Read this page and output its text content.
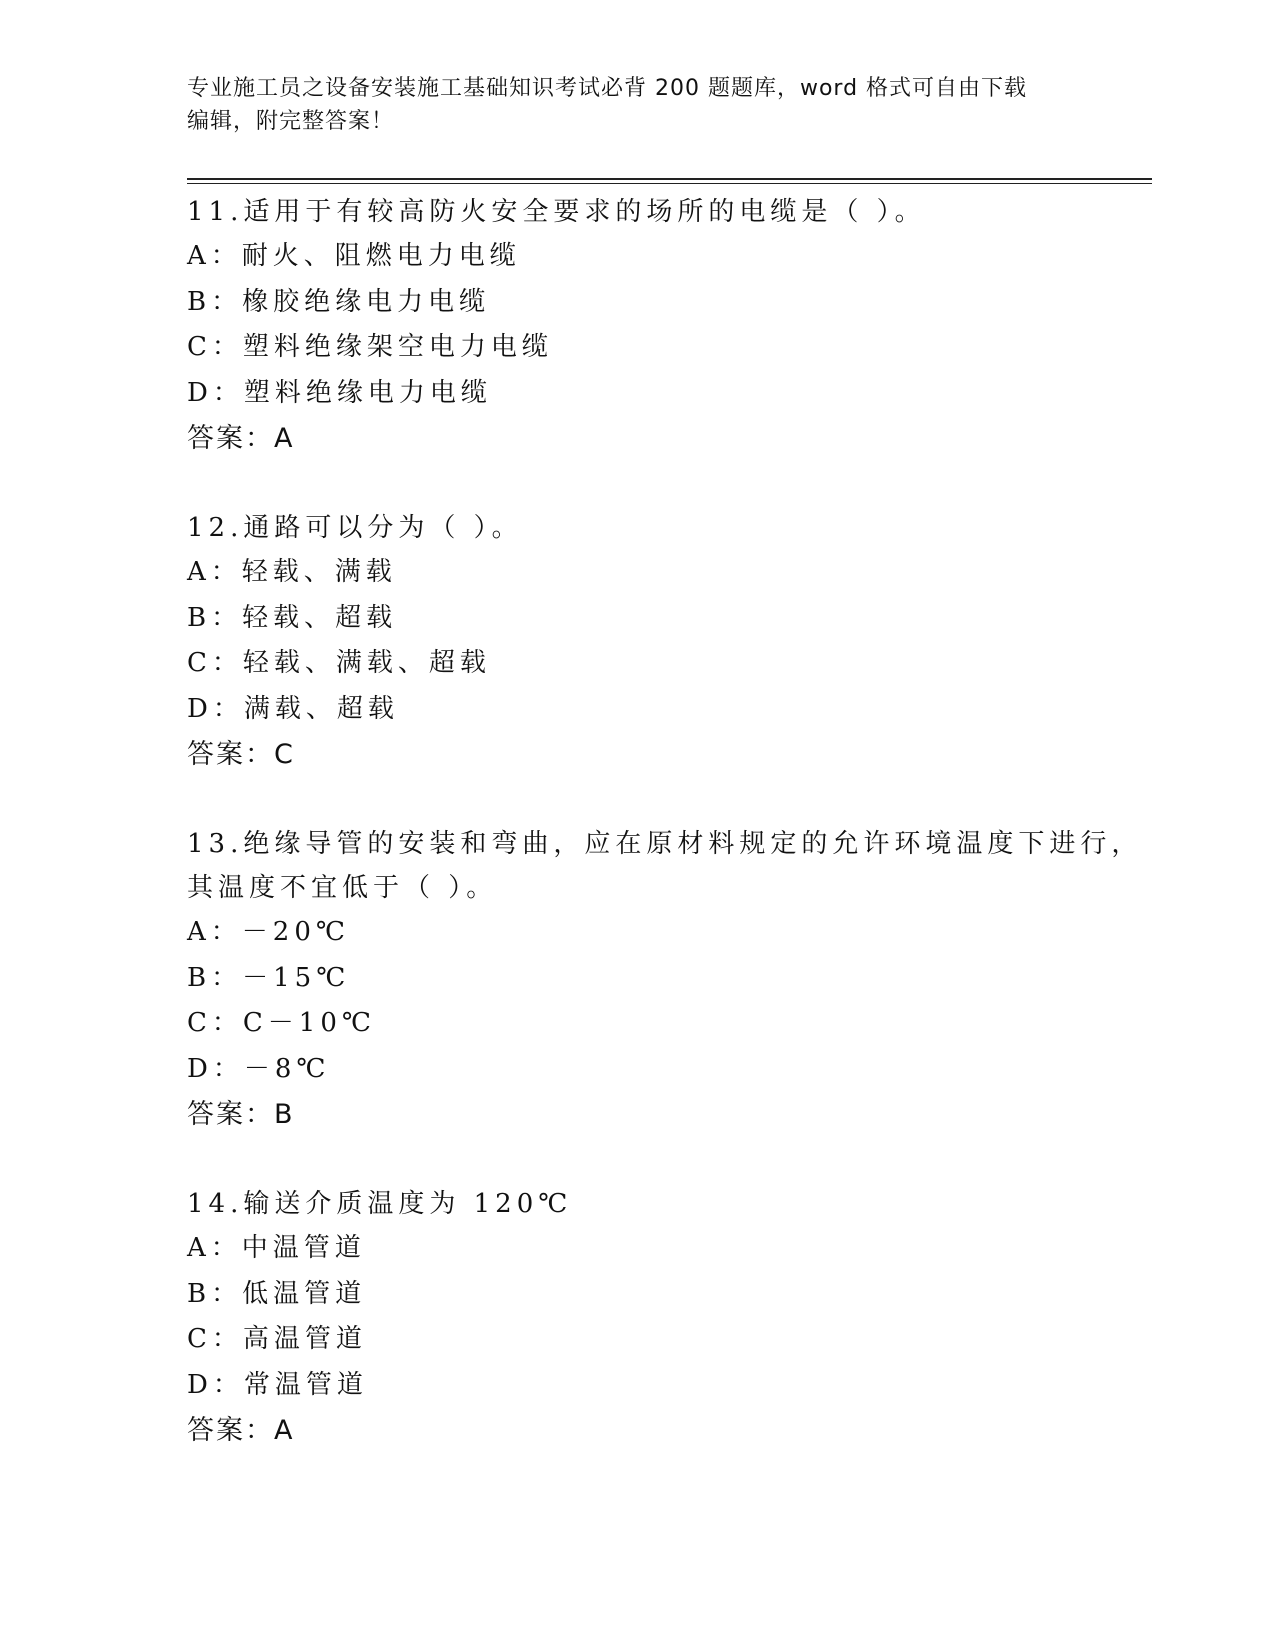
专业施工员之设备安装施工基础知识考试必背 200 题题库，word 格式可自由下载
编辑，附完整答案！
11.适用于有较高防火安全要求的场所的电缆是（ ）。
A：耐火、阻燃电力电缆
B：橡胶绝缘电力电缆
C：塑料绝缘架空电力电缆
D：塑料绝缘电力电缆
答案：A
12.通路可以分为（ ）。
A：轻载、满载
B：轻载、超载
C：轻载、满载、超载
D：满载、超载
答案：C
13.绝缘导管的安装和弯曲，应在原材料规定的允许环境温度下进行，
其温度不宜低于（ ）。
A：－20℃
B：－15℃
C：C－10℃
D：－8℃
答案：B
14.输送介质温度为 120℃
A：中温管道
B：低温管道
C：高温管道
D：常温管道
答案：A
